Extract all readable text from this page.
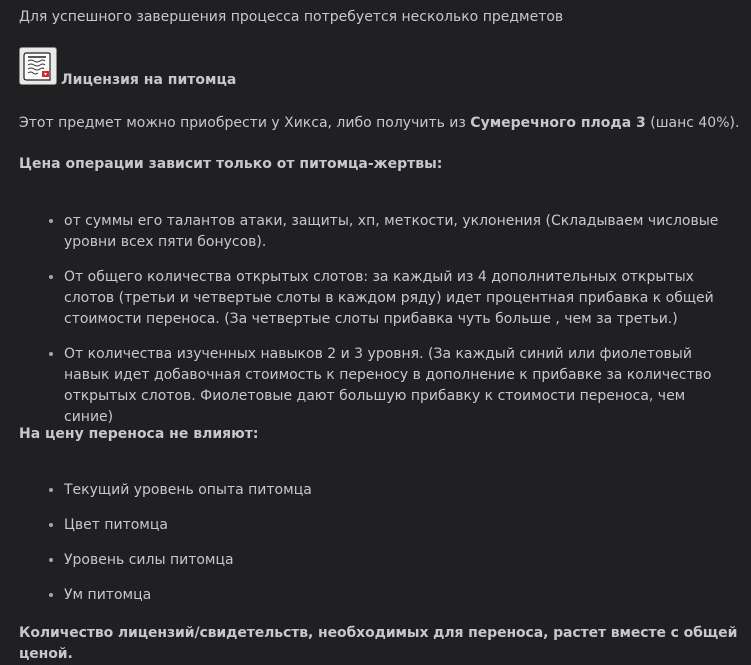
Для успешного завершения процесса потребуется несколько предметов

Лицензия на питомца

Этот предмет можно приобрести у Хикса, либо получить из Сумеречного плода 3 (шанс 40%).

Цена операции зависит только от питомца-жертвы:

• от суммы его талантов атаки, защиты, хп, меткости, уклонения (Складываем числовые уровни всех пяти бонусов).
• От общего количества открытых слотов: за каждый из 4 дополнительных открытых слотов (третьи и четвертые слоты в каждом ряду) идет процентная прибавка к общей стоимости переноса. (За четвертые слоты прибавка чуть больше , чем за третьи.)
• От количества изученных навыков 2 и 3 уровня. (За каждый синий или фиолетовый навык идет добавочная стоимость к переносу в дополнение к прибавке за количество открытых слотов. Фиолетовые дают большую прибавку к стоимости переноса, чем синие)

На цену переноса не влияют:

• Текущий уровень опыта питомца
• Цвет питомца
• Уровень силы питомца
• Ум питомца

Количество лицензий/свидетельств, необходимых для переноса, растет вместе с общей ценой.
